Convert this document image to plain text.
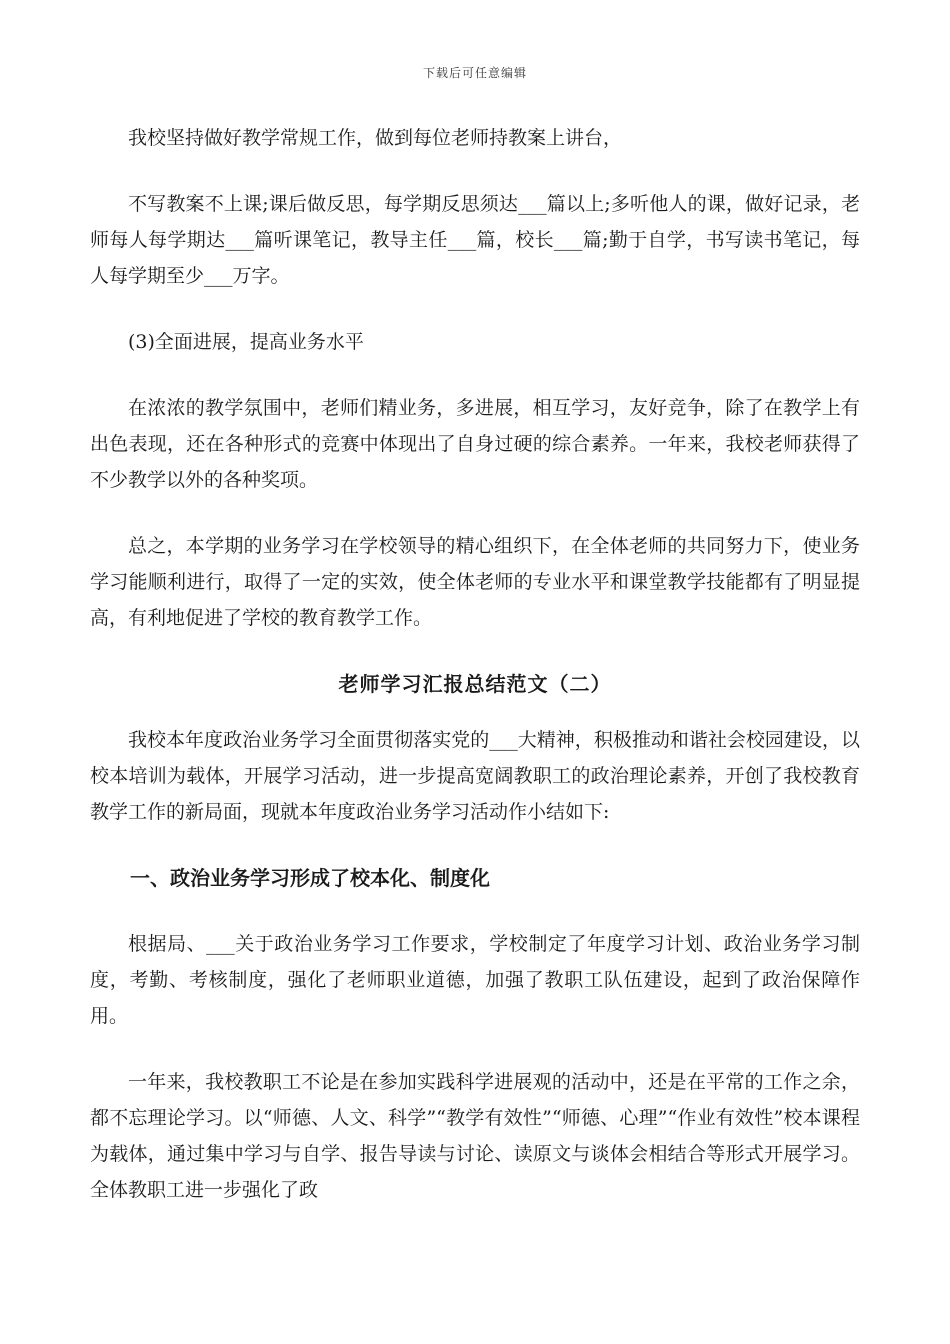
下载后可任意编辑

我校坚持做好教学常规工作，做到每位老师持教案上讲台，

不写教案不上课;课后做反思，每学期反思须达___篇以上;多听他人的课，做好记录，老师每人每学期达___篇听课笔记，教导主任___篇，校长___篇;勤于自学，书写读书笔记，每人每学期至少___万字。

(3)全面进展，提高业务水平

在浓浓的教学氛围中，老师们精业务，多进展，相互学习，友好竞争，除了在教学上有出色表现，还在各种形式的竞赛中体现出了自身过硬的综合素养。一年来，我校老师获得了不少教学以外的各种奖项。

总之，本学期的业务学习在学校领导的精心组织下，在全体老师的共同努力下，使业务学习能顺利进行，取得了一定的实效，使全体老师的专业水平和课堂教学技能都有了明显提高，有利地促进了学校的教育教学工作。

老师学习汇报总结范文（二）

我校本年度政治业务学习全面贯彻落实党的___大精神，积极推动和谐社会校园建设，以校本培训为载体，开展学习活动，进一步提高宽阔教职工的政治理论素养，开创了我校教育教学工作的新局面，现就本年度政治业务学习活动作小结如下:

一、政治业务学习形成了校本化、制度化

根据局、___关于政治业务学习工作要求，学校制定了年度学习计划、政治业务学习制度，考勤、考核制度，强化了老师职业道德，加强了教职工队伍建设，起到了政治保障作用。

一年来，我校教职工不论是在参加实践科学进展观的活动中，还是在平常的工作之余，都不忘理论学习。以“师德、人文、科学”“教学有效性”“师德、心理”“作业有效性”校本课程为载体，通过集中学习与自学、报告导读与讨论、读原文与谈体会相结合等形式开展学习。全体教职工进一步强化了政
